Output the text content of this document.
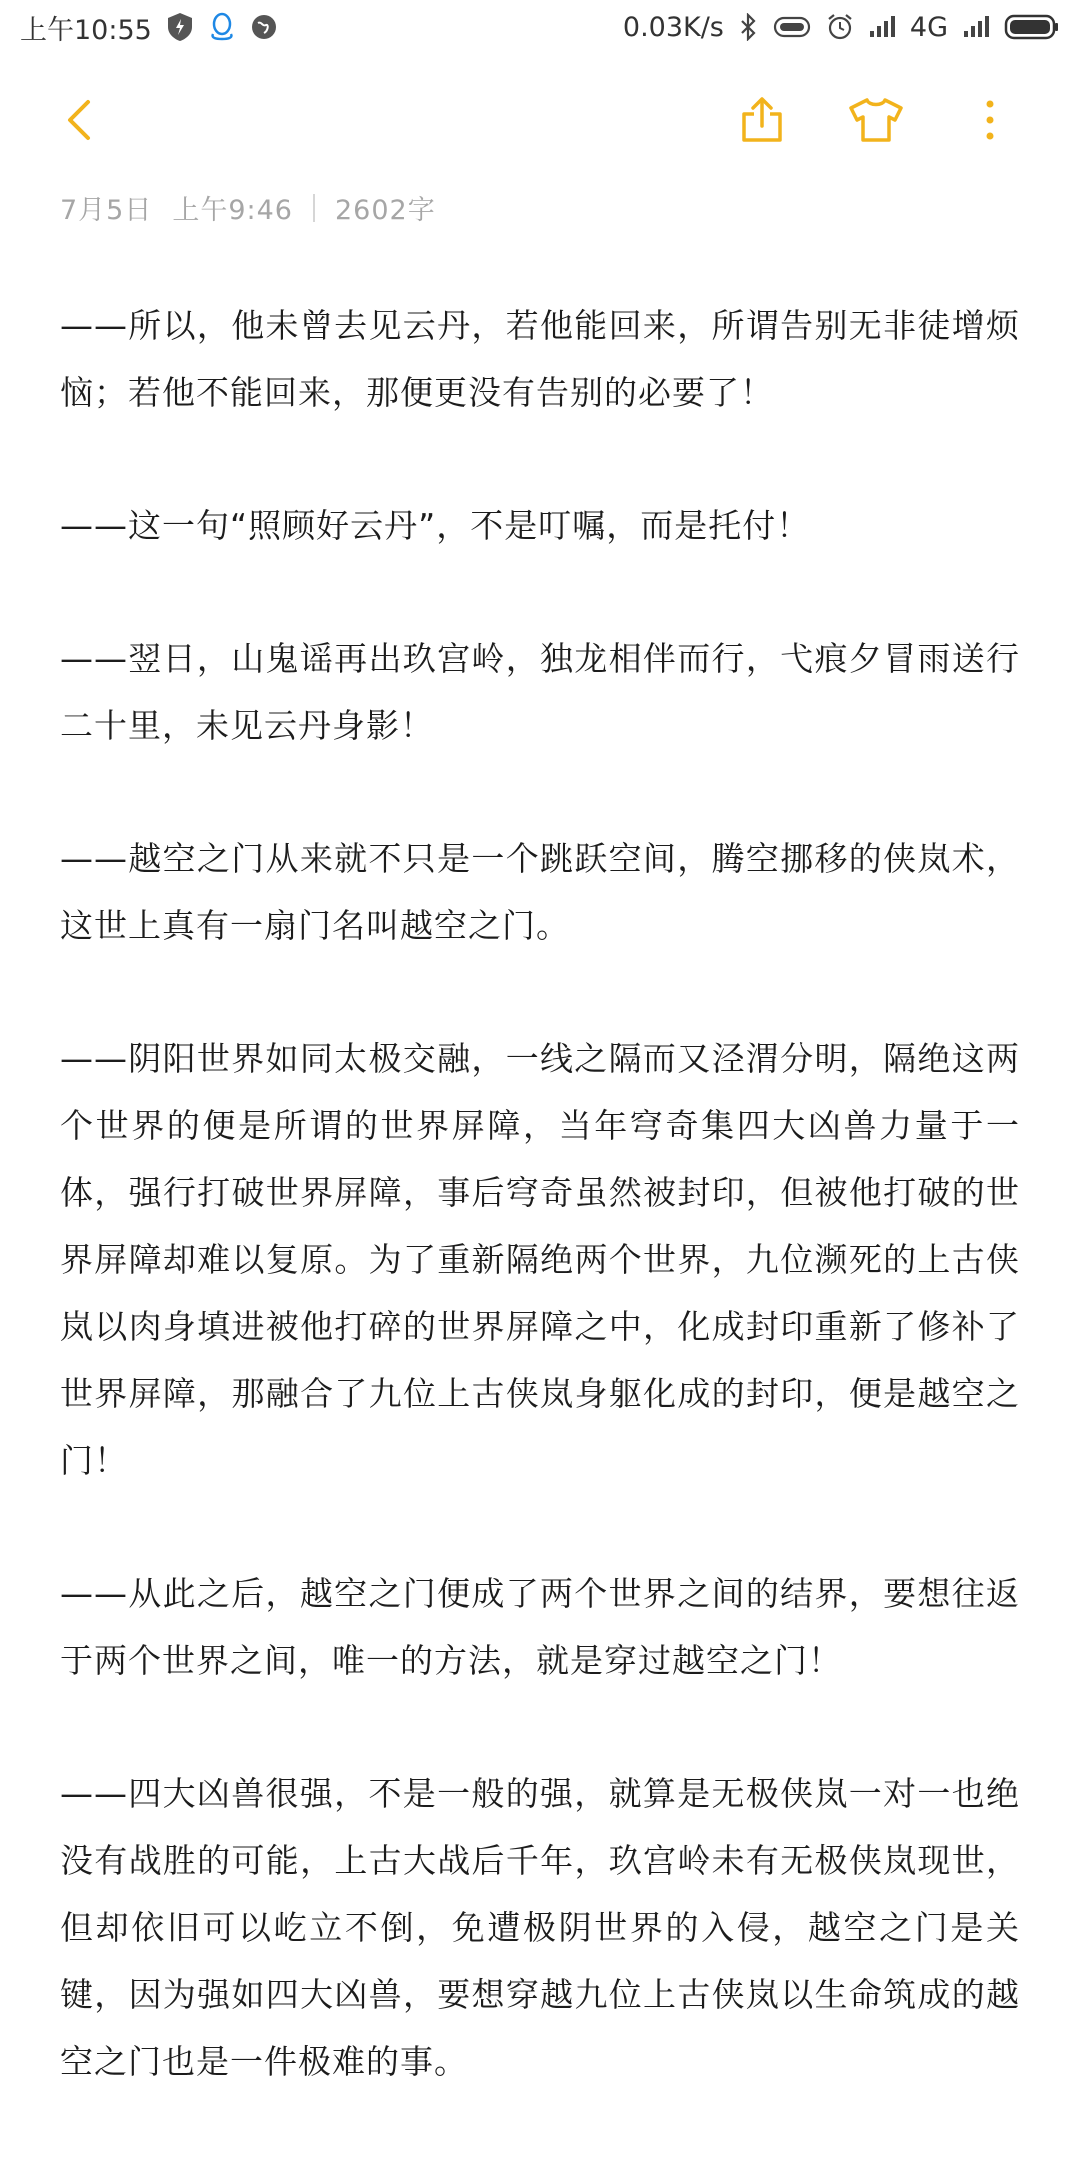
上午10:55	0.03K/s	4G
7月5日 上午9:46 2602字

——所以，他未曾去见云丹，若他能回来，所谓告别无非徒增烦恼；若他不能回来，那便更没有告别的必要了！

——这一句“照顾好云丹”，不是叮嘱，而是托付！

——翌日，山鬼谣再出玖宫岭，独龙相伴而行，弋痕夕冒雨送行二十里，未见云丹身影！

——越空之门从来就不只是一个跳跃空间，腾空挪移的侠岚术，这世上真有一扇门名叫越空之门。

——阴阳世界如同太极交融，一线之隔而又泾渭分明，隔绝这两个世界的便是所谓的世界屏障，当年穹奇集四大凶兽力量于一体，强行打破世界屏障，事后穹奇虽然被封印，但被他打破的世界屏障却难以复原。为了重新隔绝两个世界，九位濒死的上古侠岚以肉身填进被他打碎的世界屏障之中，化成封印重新了修补了世界屏障，那融合了九位上古侠岚身躯化成的封印，便是越空之门！

——从此之后，越空之门便成了两个世界之间的结界，要想往返于两个世界之间，唯一的方法，就是穿过越空之门！

——四大凶兽很强，不是一般的强，就算是无极侠岚一对一也绝没有战胜的可能，上古大战后千年，玖宫岭未有无极侠岚现世，但却依旧可以屹立不倒，免遭极阴世界的入侵，越空之门是关键，因为强如四大凶兽，要想穿越九位上古侠岚以生命筑成的越空之门也是一件极难的事。
